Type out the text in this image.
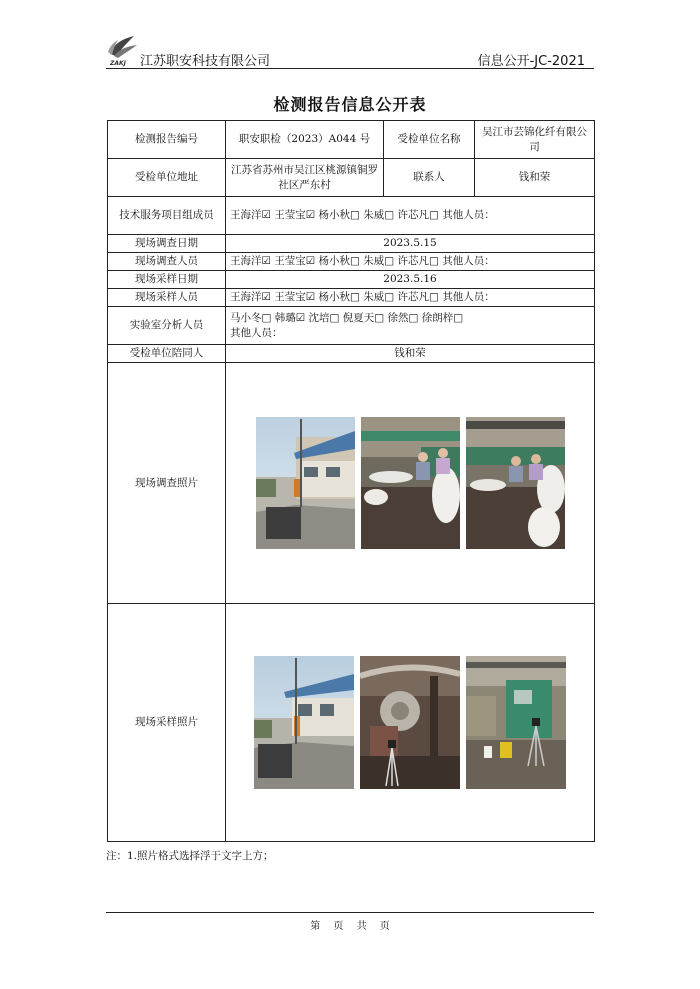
ZAKJ 江苏职安科技有限公司	信息公开-JC-2021
检测报告信息公开表
检测报告编号	职安职检（2023）A044 号	受检单位名称	吴江市芸锦化纤有限公司
受检单位地址	江苏省苏州市吴江区桃源镇铜罗社区严东村	联系人	钱和荣
技术服务项目组成员	王海洋☑ 王莹宝☑ 杨小秋□ 朱威□ 许芯凡□ 其他人员：		
现场调查日期	2023.5.15		
现场调查人员	王海洋☑ 王莹宝☑ 杨小秋□ 朱威□ 许芯凡□ 其他人员：		
现场采样日期	2023.5.16		
现场采样人员	王海洋☑ 王莹宝☑ 杨小秋□ 朱威□ 许芯凡□ 其他人员：		
实验室分析人员	马小冬□ 韩璐☑ 沈培□ 倪夏天□ 徐然□ 徐朗梓□
其他人员：		

受检单位陪同人	钱和荣		
现场调查照片	

现场采样照片	
注：1.照片格式选择浮于文字上方；
第 页 共 页
